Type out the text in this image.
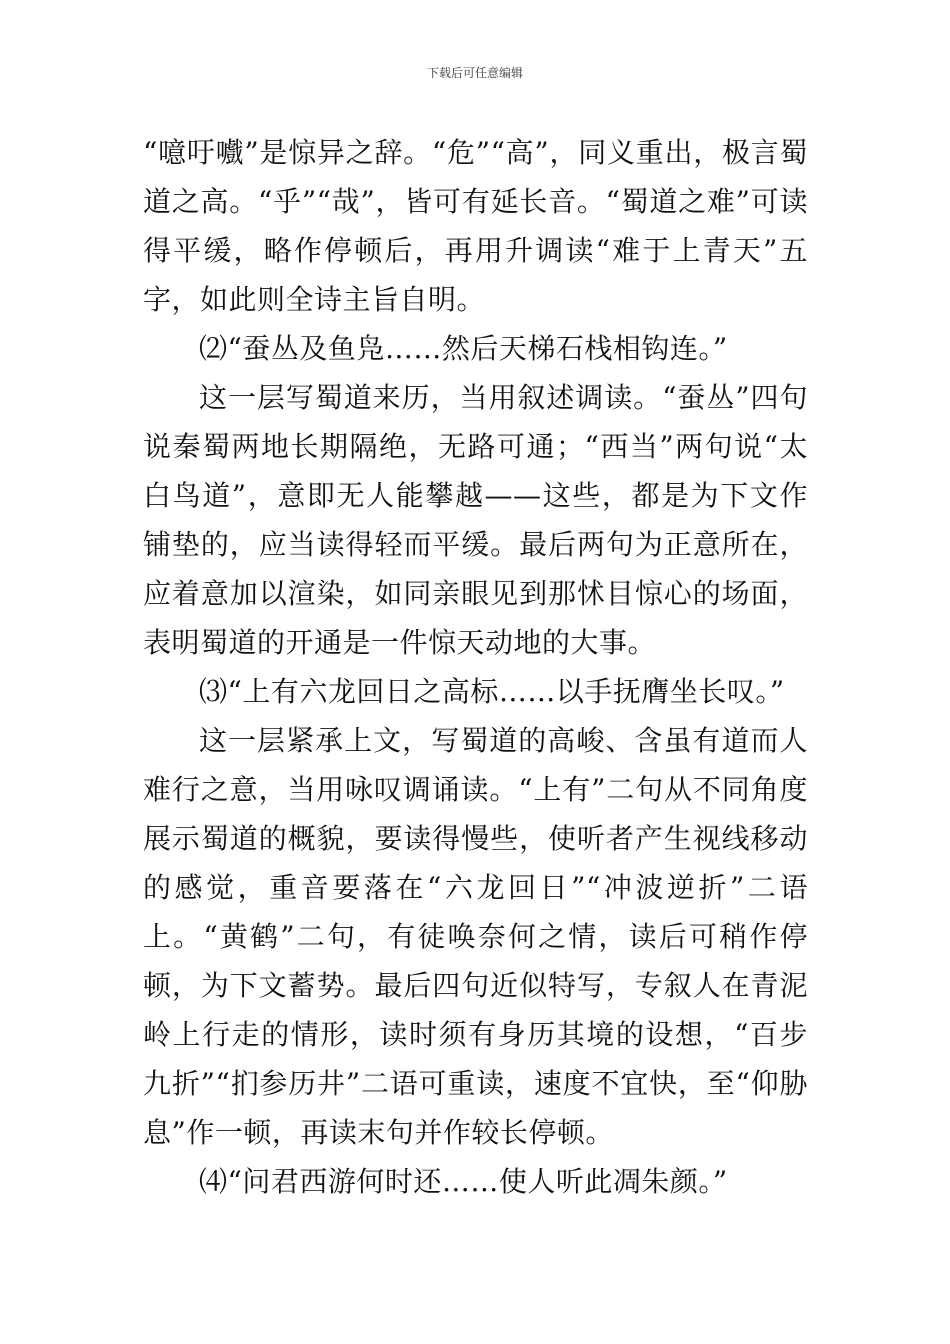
下载后可任意编辑

“噫吁嚱”是惊异之辞。“危”“高”，同义重出，极言蜀道之高。“乎”“哉”，皆可有延长音。“蜀道之难”可读得平缓，略作停顿后，再用升调读“难于上青天”五字，如此则全诗主旨自明。

⑵“蚕丛及鱼凫……然后天梯石栈相钩连。”

这一层写蜀道来历，当用叙述调读。“蚕丛”四句说秦蜀两地长期隔绝，无路可通；“西当”两句说“太白鸟道”，意即无人能攀越——这些，都是为下文作铺垫的，应当读得轻而平缓。最后两句为正意所在，应着意加以渲染，如同亲眼见到那怵目惊心的场面，表明蜀道的开通是一件惊天动地的大事。

⑶“上有六龙回日之高标……以手抚膺坐长叹。”

这一层紧承上文，写蜀道的高峻、含虽有道而人难行之意，当用咏叹调诵读。“上有”二句从不同角度展示蜀道的概貌，要读得慢些，使听者产生视线移动的感觉，重音要落在“六龙回日”“冲波逆折”二语上。“黄鹤”二句，有徒唤奈何之情，读后可稍作停顿，为下文蓄势。最后四句近似特写，专叙人在青泥岭上行走的情形，读时须有身历其境的设想，“百步九折”“扪参历井”二语可重读，速度不宜快，至“仰胁息”作一顿，再读末句并作较长停顿。

⑷“问君西游何时还……使人听此凋朱颜。”
